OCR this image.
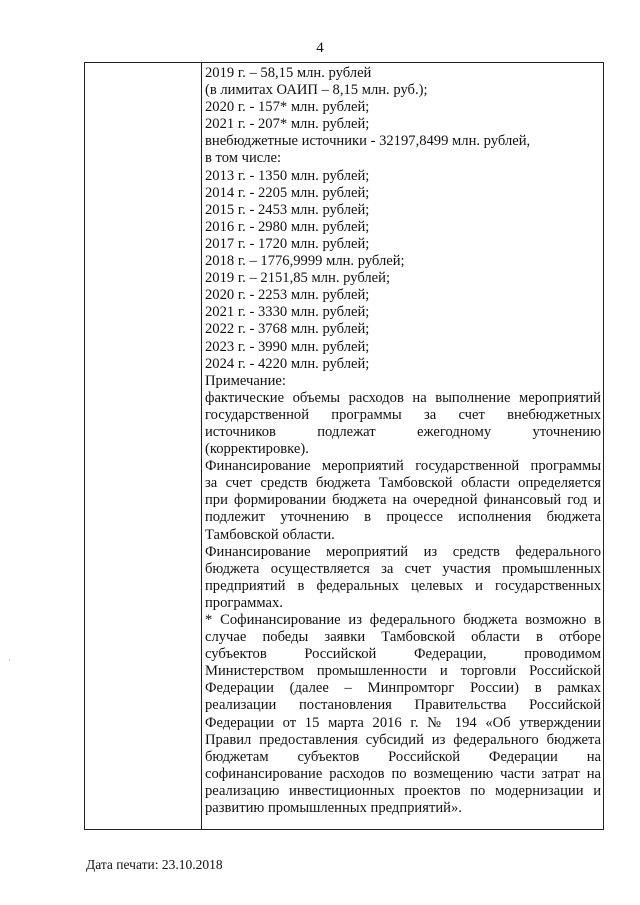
4
2019 г. – 58,15 млн. рублей
(в лимитах ОАИП – 8,15 млн. руб.);
2020 г. - 157* млн. рублей;
2021 г. - 207* млн. рублей;
внебюджетные источники - 32197,8499 млн. рублей,
в том числе:
2013 г. - 1350 млн. рублей;
2014 г. - 2205 млн. рублей;
2015 г. - 2453 млн. рублей;
2016 г. - 2980 млн. рублей;
2017 г. - 1720 млн. рублей;
2018 г. – 1776,9999 млн. рублей;
2019 г. – 2151,85 млн. рублей;
2020 г. - 2253 млн. рублей;
2021 г. - 3330 млн. рублей;
2022 г. - 3768 млн. рублей;
2023 г. - 3990 млн. рублей;
2024 г. - 4220 млн. рублей;
Примечание:
фактические объемы расходов на выполнение мероприятий
государственной программы за счет внебюджетных
источников подлежат ежегодному уточнению
(корректировке).
Финансирование мероприятий государственной программы
за счет средств бюджета Тамбовской области определяется
при формировании бюджета на очередной финансовый год и
подлежит уточнению в процессе исполнения бюджета
Тамбовской области.
Финансирование мероприятий из средств федерального
бюджета осуществляется за счет участия промышленных
предприятий в федеральных целевых и государственных
программах.
* Софинансирование из федерального бюджета возможно в
случае победы заявки Тамбовской области в отборе
субъектов Российской Федерации, проводимом
Министерством промышленности и торговли Российской
Федерации (далее – Минпромторг России) в рамках
реализации постановления Правительства Российской
Федерации от 15 марта 2016 г. № 194 «Об утверждении
Правил предоставления субсидий из федерального бюджета
бюджетам субъектов Российской Федерации на
софинансирование расходов по возмещению части затрат на
реализацию инвестиционных проектов по модернизации и
развитию промышленных предприятий».
·
Дата печати: 23.10.2018
